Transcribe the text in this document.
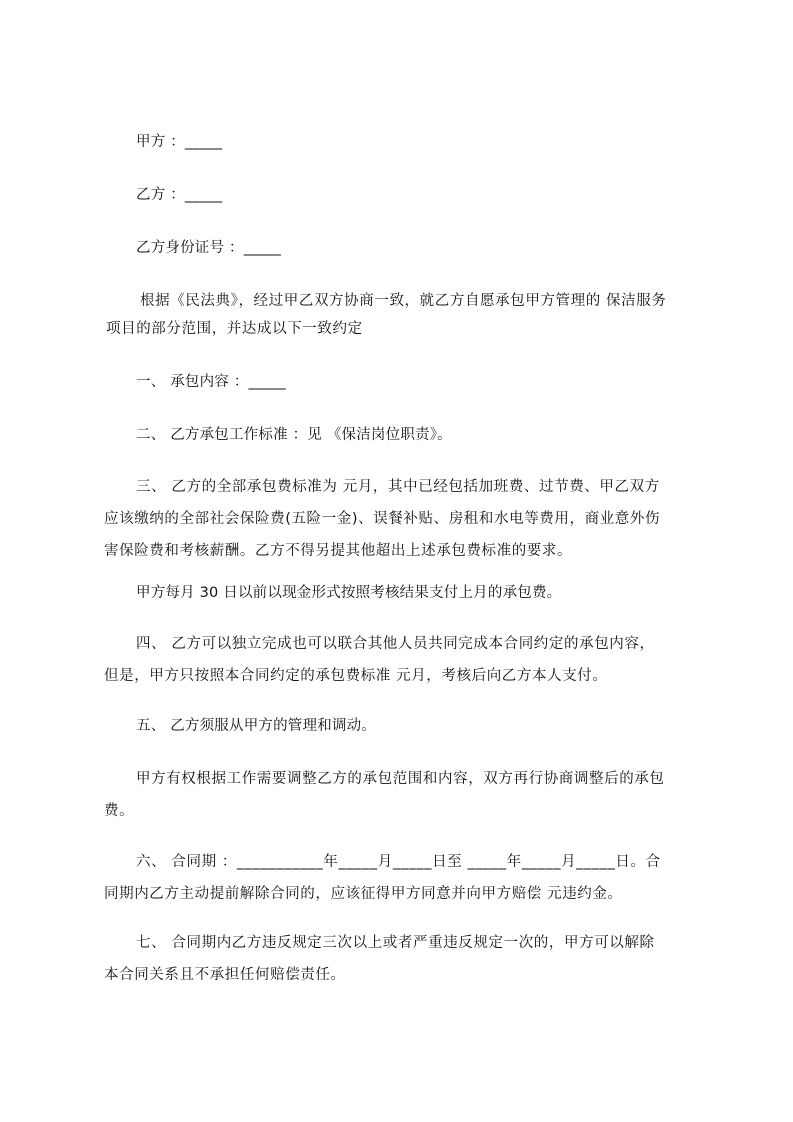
甲方 ：_____
乙方 ：_____
乙方身份证号 ：_____
根据《民法典》，经过甲乙双方协商一致，就乙方自愿承包甲方管理的 保洁服务
项目的部分范围，并达成以下一致约定
一、 承包内容 ：_____
二、 乙方承包工作标准 ：见 《保洁岗位职责》。
三、 乙方的全部承包费标准为 元月，其中已经包括加班费、过节费、甲乙双方
应该缴纳的全部社会保险费(五险一金)、误餐补贴、房租和水电等费用，商业意外伤
害保险费和考核薪酬。乙方不得另提其他超出上述承包费标准的要求。
甲方每月 30 日以前以现金形式按照考核结果支付上月的承包费。
四、 乙方可以独立完成也可以联合其他人员共同完成本合同约定的承包内容，
但是，甲方只按照本合同约定的承包费标准 元月，考核后向乙方本人支付。
五、 乙方须服从甲方的管理和调动。
甲方有权根据工作需要调整乙方的承包范围和内容，双方再行协商调整后的承包
费。
六、 合同期 ：___________年_____月_____日至 _____年_____月_____日。合
同期内乙方主动提前解除合同的，应该征得甲方同意并向甲方赔偿 元违约金。
七、 合同期内乙方违反规定三次以上或者严重违反规定一次的，甲方可以解除
本合同关系且不承担任何赔偿责任。
